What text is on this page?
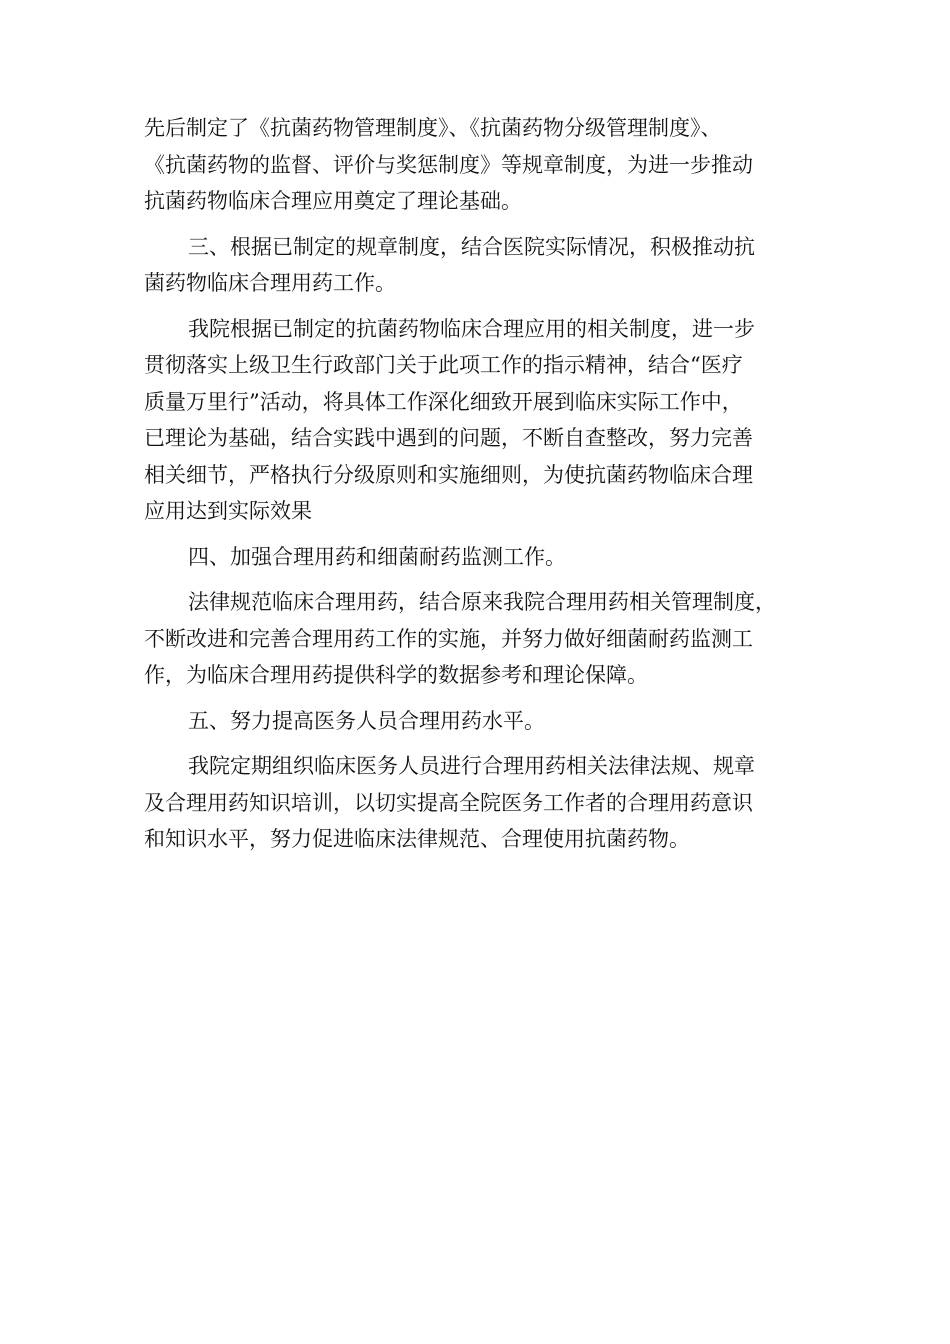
先后制定了《抗菌药物管理制度》、《抗菌药物分级管理制度》、
《抗菌药物的监督、评价与奖惩制度》等规章制度，为进一步推动
抗菌药物临床合理应用奠定了理论基础。
三、根据已制定的规章制度，结合医院实际情况，积极推动抗
菌药物临床合理用药工作。
我院根据已制定的抗菌药物临床合理应用的相关制度，进一步
贯彻落实上级卫生行政部门关于此项工作的指示精神，结合“医疗
质量万里行”活动，将具体工作深化细致开展到临床实际工作中，
已理论为基础，结合实践中遇到的问题，不断自查整改，努力完善
相关细节，严格执行分级原则和实施细则，为使抗菌药物临床合理
应用达到实际效果
四、加强合理用药和细菌耐药监测工作。
法律规范临床合理用药，结合原来我院合理用药相关管理制度，
不断改进和完善合理用药工作的实施，并努力做好细菌耐药监测工
作，为临床合理用药提供科学的数据参考和理论保障。
五、努力提高医务人员合理用药水平。
我院定期组织临床医务人员进行合理用药相关法律法规、规章
及合理用药知识培训，以切实提高全院医务工作者的合理用药意识
和知识水平，努力促进临床法律规范、合理使用抗菌药物。
